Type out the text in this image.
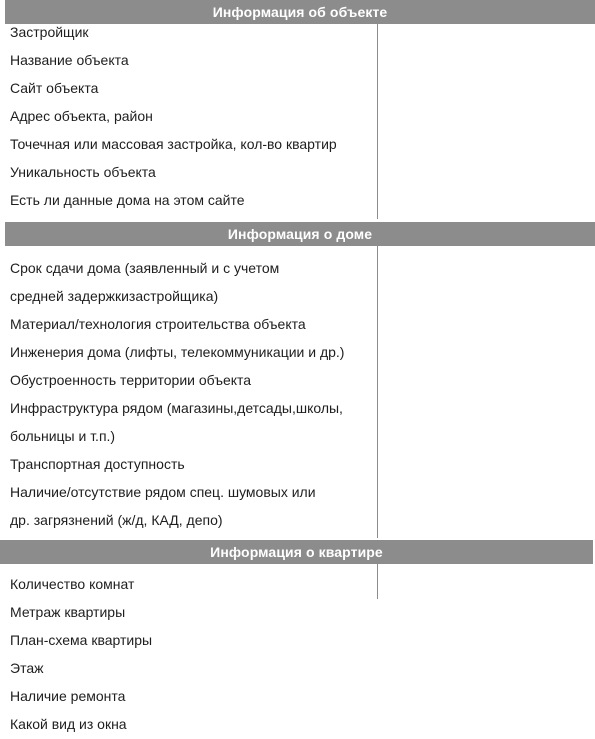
Информация об объекте
Застройщик
Название объекта
Сайт объекта
Адрес объекта, район
Точечная или массовая застройка, кол-во квартир
Уникальность объекта
Есть ли данные дома на этом сайте
Информация о доме
Срок сдачи дома (заявленный и с учетом
средней задержкизастройщика)
Материал/технология строительства объекта
Инженерия дома (лифты, телекоммуникации и др.)
Обустроенность территории объекта
Инфраструктура рядом (магазины,детсады,школы,
больницы и т.п.)
Транспортная доступность
Наличие/отсутствие рядом спец. шумовых или
др. загрязнений (ж/д, КАД, депо)
Информация о квартире
Количество комнат
Метраж квартиры
План-схема квартиры
Этаж
Наличие ремонта
Какой вид из окна
